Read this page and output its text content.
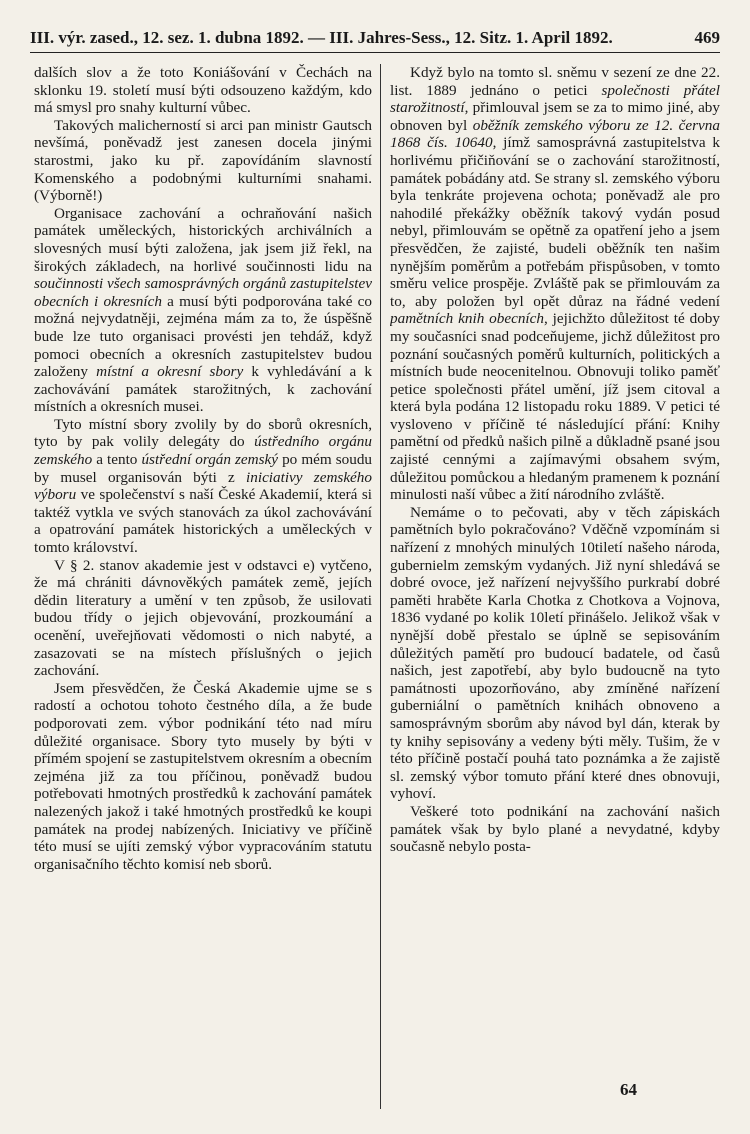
III. výr. zased., 12. sez. 1. dubna 1892. — III. Jahres-Sess., 12. Sitz. 1. April 1892.	469

dalších slov a že toto Koniášování v Čechách na sklonku 19. století musí býti odsouzeno každým, kdo má smysl pro snahy kulturní vůbec.

Takových malicherností si arci pan ministr Gautsch nevšímá, poněvadž jest zanesen docela jinými starostmi, jako ku př. zapovídáním slavností Komenského a podobnými kulturními snahami. (Výborně!)

Organisace zachování a ochraňování našich památek uměleckých, historických archiválních a slovesných musí býti založena, jak jsem již řekl, na širokých základech, na horlivé součinnosti lidu na součinnosti všech samosprávných orgánů zastupitelstev obecních i okresních a musí býti podporována také co možná nejvydatněji, zejména mám za to, že úspěšně bude lze tuto organisaci provésti jen tehdáž, když pomoci obecních a okresních zastupitelstev budou založeny místní a okresní sbory k vyhledávání a k zachovávání památek starožitných, k zachování místních a okresních musei.

Tyto místní sbory zvolily by do sborů okresních, tyto by pak volily delegáty do ústředního orgánu zemského a tento ústřední orgán zemský po mém soudu by musel organisován býti z iniciativy zemského výboru ve společenství s naší České Akademií, která si taktéž vytkla ve svých stanovách za úkol zachovávání a opatrování památek historických a uměleckých v tomto království.

V § 2. stanov akademie jest v odstavci e) vytčeno, že má chrániti dávnověkých památek země, jejích dědin literatury a umění v ten způsob, že usilovati budou třídy o jejich objevování, prozkoumání a ocenění, uveřejňovati vědomosti o nich nabyté, a zasazovati se na místech příslušných o jejich zachování.

Jsem přesvědčen, že Česká Akademie ujme se s radostí a ochotou tohoto čestného díla, a že bude podporovati zem. výbor podnikání této nad míru důležité organisace. Sbory tyto musely by býti v přímém spojení se zastupitelstvem okresním a obecním zejména již za tou příčinou, poněvadž budou potřebovati hmotných prostředků k zachování památek nalezených jakož i také hmotných prostředků ke koupi památek na prodej nabízených. Iniciativy ve příčině této musí se ujíti zemský výbor vypracováním statutu organisačního těchto komisí neb sborů.

Když bylo na tomto sl. sněmu v sezení ze dne 22. list. 1889 jednáno o petici společnosti přátel starožitností, přimlouval jsem se za to mimo jiné, aby obnoven byl oběžník zemského výboru ze 12. června 1868 čís. 10640, jímž samosprávná zastupitelstva k horlivému přičiňování se o zachování starožitností, památek pobádány atd. Se strany sl. zemského výboru byla tenkráte projevena ochota; poněvadž ale pro nahodilé překážky oběžník takový vydán posud nebyl, přimlouvám se opětně za opatření jeho a jsem přesvědčen, že zajisté, budeli oběžník ten našim nynějším poměrům a potřebám přispůsoben, v tomto směru velice prospěje. Zvláště pak se přimlouvám za to, aby položen byl opět důraz na řádné vedení pamětních knih obecních, jejichžto důležitost té doby my současníci snad podceňujeme, jichž důležitost pro poznání současných poměrů kulturních, politických a místních bude neocenitelnou. Obnovuji toliko paměť petice společnosti přátel umění, jíž jsem citoval a která byla podána 12 listopadu roku 1889. V petici té vysloveno v příčině té následující přání: Knihy pamětní od předků našich pilně a důkladně psané jsou zajisté cennými a zajímavými obsahem svým, důležitou pomůckou a hledaným pramenem k poznání minulosti naší vůbec a žití národního zvláště.

Nemáme o to pečovati, aby v těch zápiskách pamětních bylo pokračováno? Vděčně vzpomínám si nařízení z mnohých minulých 10tiletí našeho národa, gubernielm zemským vydaných. Již nyní shledává se dobré ovoce, jež nařízení nejvyššího purkrabí dobré paměti hraběte Karla Chotka z Chotkova a Vojnova, 1836 vydané po kolik 10letí přinášelo. Jelikož však v nynější době přestalo se úplně se sepisováním důležitých pamětí pro budoucí badatele, od časů našich, jest zapotřebí, aby bylo budoucně na tyto památnosti upozorňováno, aby zmíněné nařízení guberniální o pamětních knihách obnoveno a samosprávným sborům aby návod byl dán, kterak by ty knihy sepisovány a vedeny býti měly. Tušim, že v této příčině postačí pouhá tato poznámka a že zajistě sl. zemský výbor tomuto přání které dnes obnovuji, vyhoví.

Veškeré toto podnikání na zachování našich památek však by bylo plané a nevydatné, kdyby současně nebylo posta-

64
